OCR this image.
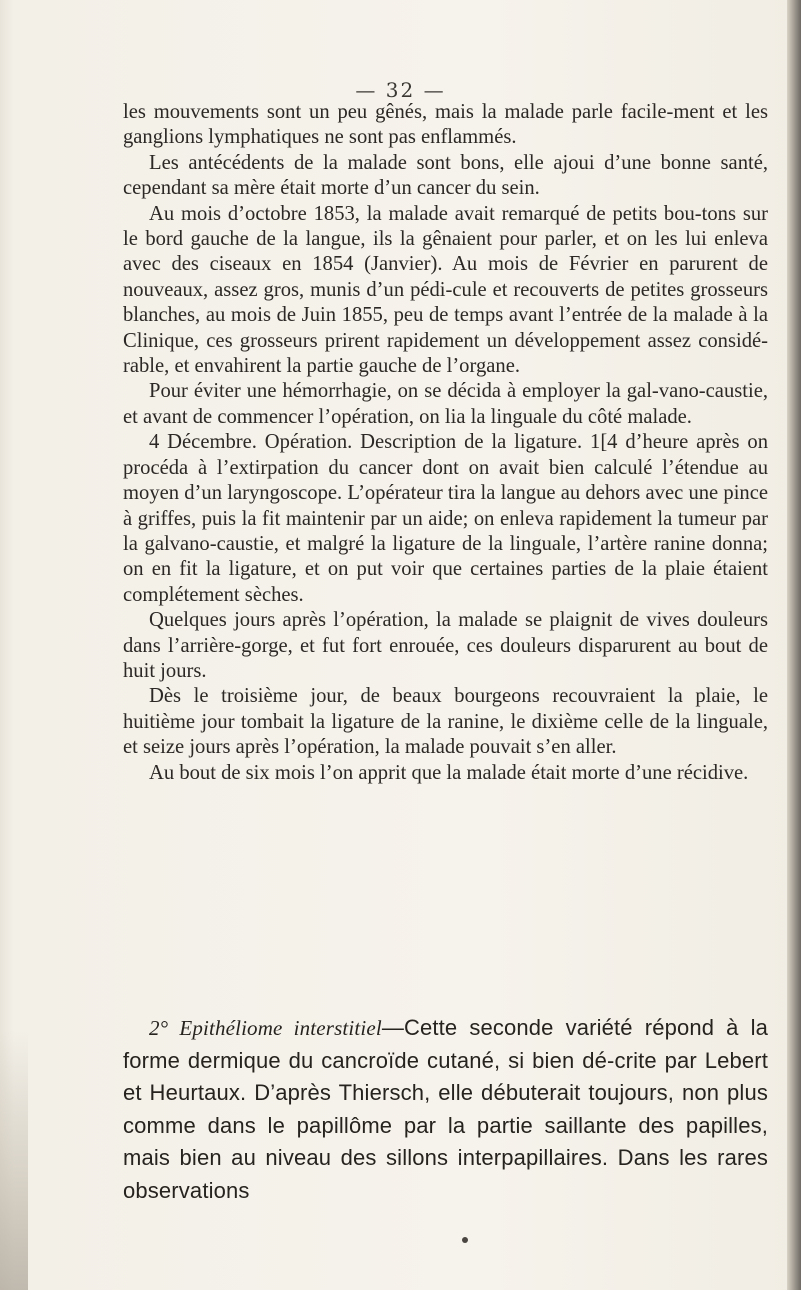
— 32 —

les mouvements sont un peu gênés, mais la malade parle facile-ment et les ganglions lymphatiques ne sont pas enflammés.

Les antécédents de la malade sont bons, elle ajoui d’une bonne santé, cependant sa mère était morte d’un cancer du sein.

Au mois d’octobre 1853, la malade avait remarqué de petits bou-tons sur le bord gauche de la langue, ils la gênaient pour parler, et on les lui enleva avec des ciseaux en 1854 (Janvier). Au mois de Février en parurent de nouveaux, assez gros, munis d’un pédi-cule et recouverts de petites grosseurs blanches, au mois de Juin 1855, peu de temps avant l’entrée de la malade à la Clinique, ces grosseurs prirent rapidement un développement assez considé-rable, et envahirent la partie gauche de l’organe.

Pour éviter une hémorrhagie, on se décida à employer la gal-vano-caustie, et avant de commencer l’opération, on lia la linguale du côté malade.

4 Décembre. Opération. Description de la ligature. 1[4 d’heure après on procéda à l’extirpation du cancer dont on avait bien calculé l’étendue au moyen d’un laryngoscope. L’opérateur tira la langue au dehors avec une pince à griffes, puis la fit maintenir par un aide; on enleva rapidement la tumeur par la galvano-caustie, et malgré la ligature de la linguale, l’artère ranine donna; on en fit la ligature, et on put voir que certaines parties de la plaie étaient complétement sèches.

Quelques jours après l’opération, la malade se plaignit de vives douleurs dans l’arrière-gorge, et fut fort enrouée, ces douleurs disparurent au bout de huit jours.

Dès le troisième jour, de beaux bourgeons recouvraient la plaie, le huitième jour tombait la ligature de la ranine, le dixième celle de la linguale, et seize jours après l’opération, la malade pouvait s’en aller.

Au bout de six mois l’on apprit que la malade était morte d’une récidive.

2° Epithéliome interstitiel—Cette seconde variété répond à la forme dermique du cancroïde cutané, si bien dé-crite par Lebert et Heurtaux. D’après Thiersch, elle débuterait toujours, non plus comme dans le papillôme par la partie saillante des papilles, mais bien au niveau des sillons interpapillaires. Dans les rares observations
